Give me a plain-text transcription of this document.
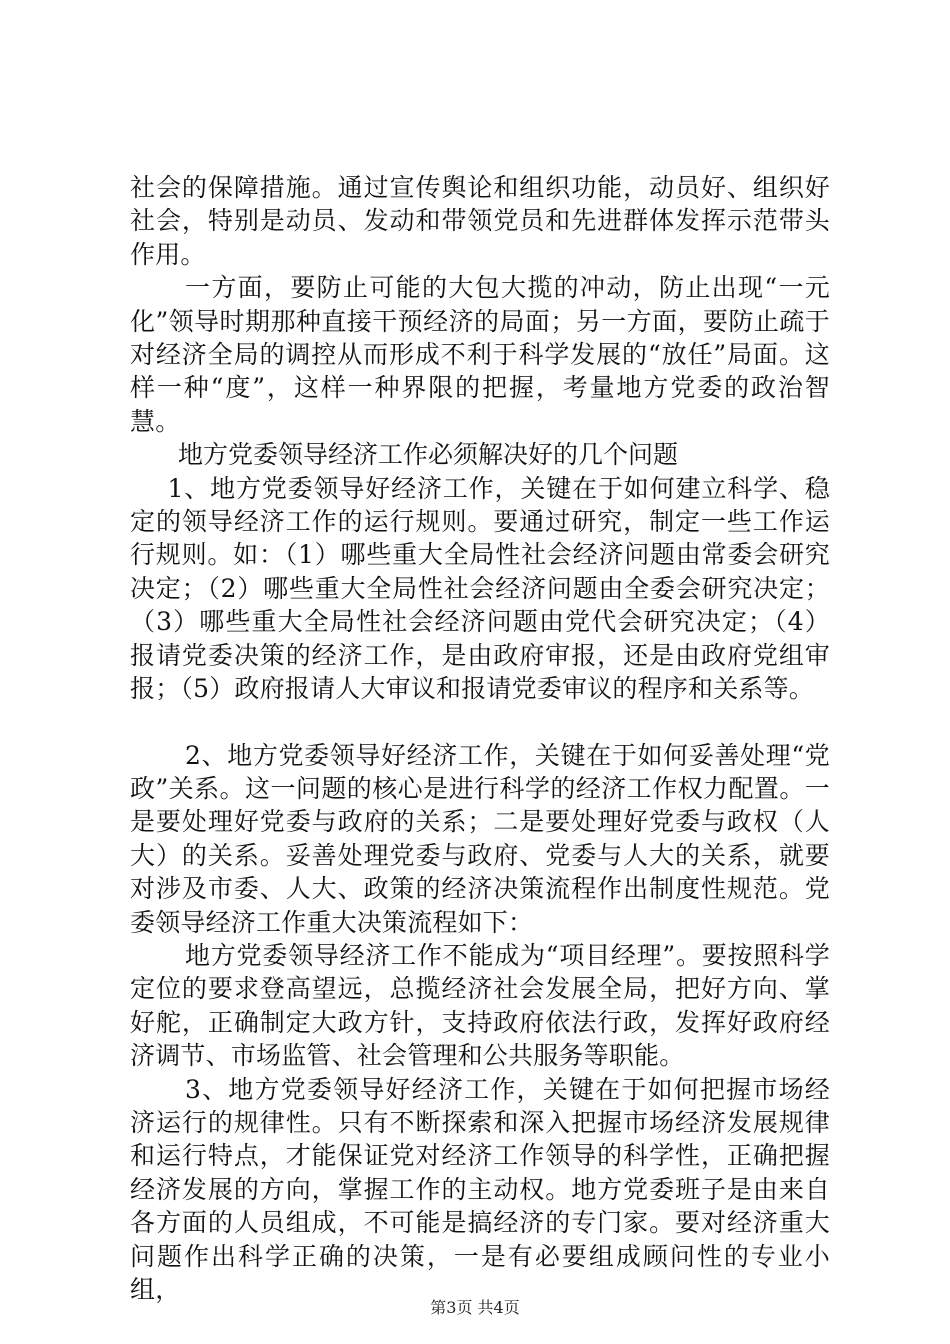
社会的保障措施。通过宣传舆论和组织功能，动员好、组织好社会，特别是动员、发动和带领党员和先进群体发挥示范带头作用。

一方面，要防止可能的大包大揽的冲动，防止出现“一元化”领导时期那种直接干预经济的局面；另一方面，要防止疏于对经济全局的调控从而形成不利于科学发展的“放任”局面。这样一种“度”，这样一种界限的把握，考量地方党委的政治智慧。

地方党委领导经济工作必须解决好的几个问题

1、地方党委领导好经济工作，关键在于如何建立科学、稳定的领导经济工作的运行规则。要通过研究，制定一些工作运行规则。如：（1）哪些重大全局性社会经济问题由常委会研究决定；（2）哪些重大全局性社会经济问题由全委会研究决定；（3）哪些重大全局性社会经济问题由党代会研究决定；（4）报请党委决策的经济工作，是由政府审报，还是由政府党组审报；（5）政府报请人大审议和报请党委审议的程序和关系等。

2、地方党委领导好经济工作，关键在于如何妥善处理“党政”关系。这一问题的核心是进行科学的经济工作权力配置。一是要处理好党委与政府的关系；二是要处理好党委与政权（人大）的关系。妥善处理党委与政府、党委与人大的关系，就要对涉及市委、人大、政策的经济决策流程作出制度性规范。党委领导经济工作重大决策流程如下：

地方党委领导经济工作不能成为“项目经理”。要按照科学定位的要求登高望远，总揽经济社会发展全局，把好方向、掌好舵，正确制定大政方针，支持政府依法行政，发挥好政府经济调节、市场监管、社会管理和公共服务等职能。

3、地方党委领导好经济工作，关键在于如何把握市场经济运行的规律性。只有不断探索和深入把握市场经济发展规律和运行特点，才能保证党对经济工作领导的科学性，正确把握经济发展的方向，掌握工作的主动权。地方党委班子是由来自各方面的人员组成，不可能是搞经济的专门家。要对经济重大问题作出科学正确的决策，一是有必要组成顾问性的专业小组，

第3页 共4页
